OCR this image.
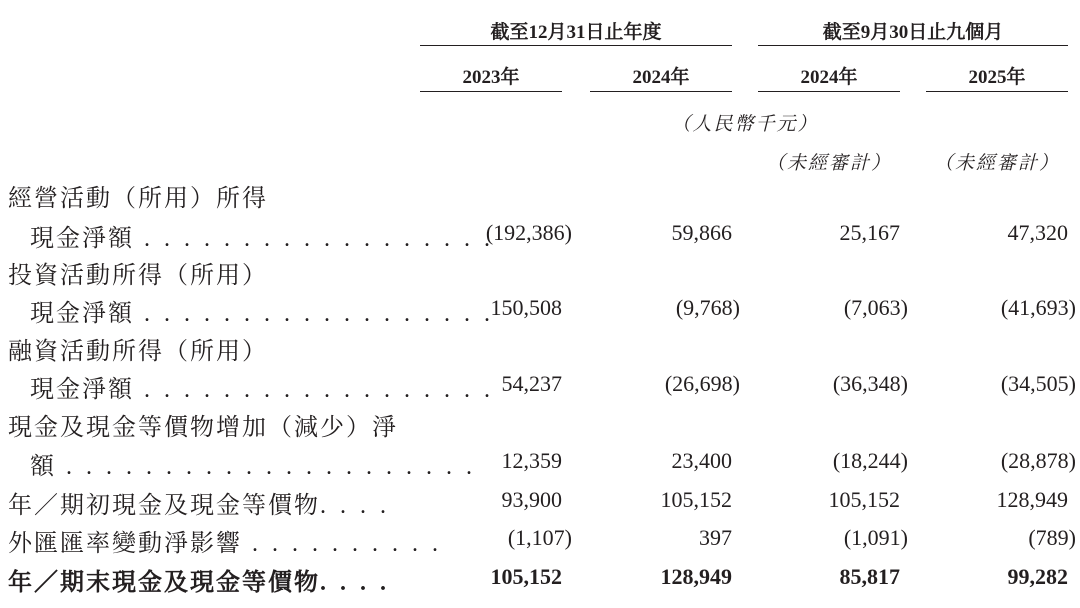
截至12月31日止年度	截至9月30日止九個月
2023年	2024年	2024年	2025年
（人民幣千元）
（未經審計）	（未經審計）
經營活動（所用）所得
現金淨額 . . . . . . . . . . . . . . . . . .
(192,386)	59,866	25,167	47,320
投資活動所得（所用）
現金淨額 . . . . . . . . . . . . . . . . . .
150,508	(9,768)	(7,063)	(41,693)
融資活動所得（所用）
現金淨額 . . . . . . . . . . . . . . . . . . 54,237	(26,698)	(36,348)	(34,505)
現金及現金等價物增加（減少）淨
額 . . . . . . . . . . . . . . . . . . . . . 12,359	23,400	(18,244)	(28,878)
年／期初現金及現金等價物. . . .	93,900	105,152	105,152	128,949
外匯匯率變動淨影響 . . . . . . . . . .	(1,107)	397	(1,091)	(789)
年／期末現金及現金等價物. . . .	105,152	128,949	85,817	99,282
